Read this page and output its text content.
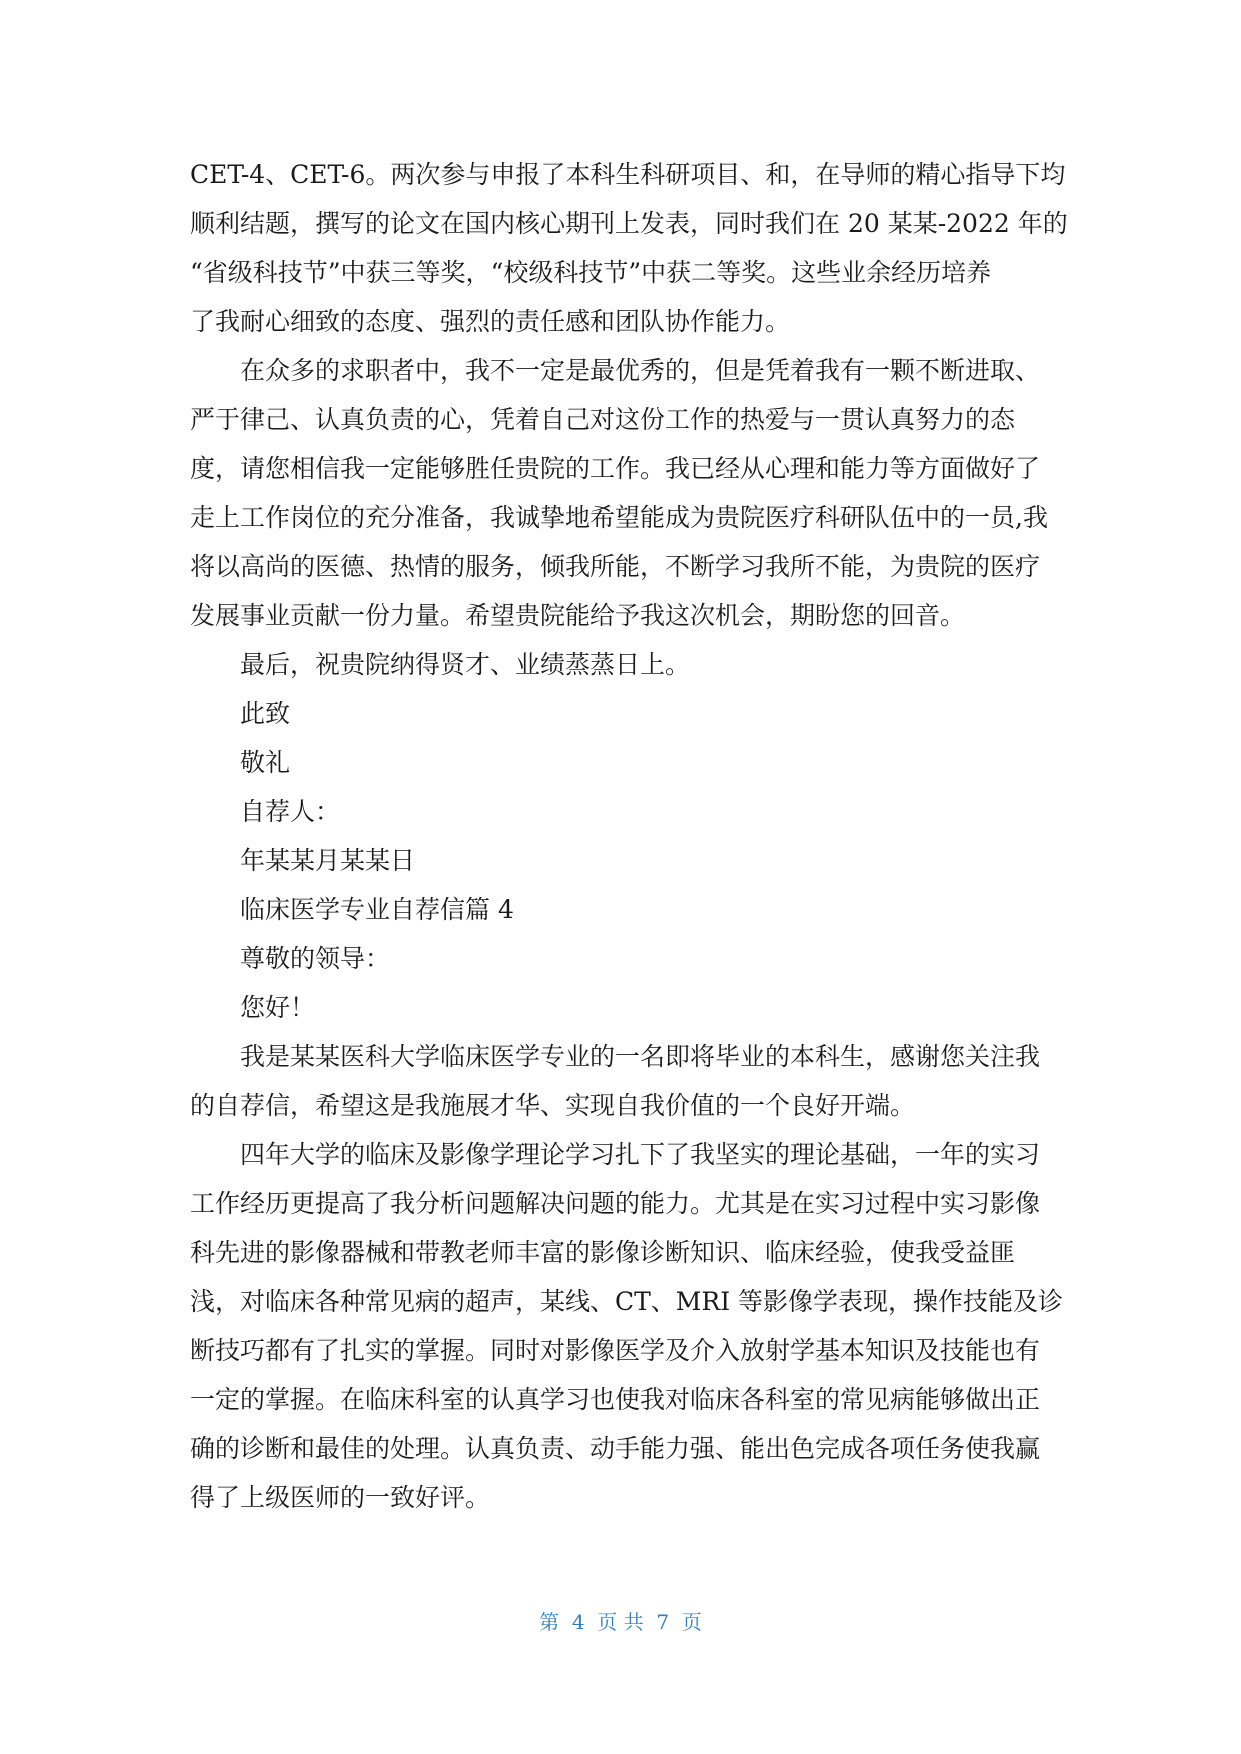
CET-4、CET-6。两次参与申报了本科生科研项目、和，在导师的精心指导下均
顺利结题，撰写的论文在国内核心期刊上发表，同时我们在 20 某某-2022 年的
“省级科技节”中获三等奖，“校级科技节”中获二等奖。这些业余经历培养
了我耐心细致的态度、强烈的责任感和团队协作能力。
在众多的求职者中，我不一定是最优秀的，但是凭着我有一颗不断进取、
严于律己、认真负责的心，凭着自己对这份工作的热爱与一贯认真努力的态
度，请您相信我一定能够胜任贵院的工作。我已经从心理和能力等方面做好了
走上工作岗位的充分准备，我诚挚地希望能成为贵院医疗科研队伍中的一员,我
将以高尚的医德、热情的服务，倾我所能，不断学习我所不能，为贵院的医疗
发展事业贡献一份力量。希望贵院能给予我这次机会，期盼您的回音。
最后，祝贵院纳得贤才、业绩蒸蒸日上。
此致
敬礼
自荐人：
年某某月某某日
临床医学专业自荐信篇 4
尊敬的领导：
您好！
我是某某医科大学临床医学专业的一名即将毕业的本科生，感谢您关注我
的自荐信，希望这是我施展才华、实现自我价值的一个良好开端。
四年大学的临床及影像学理论学习扎下了我坚实的理论基础，一年的实习
工作经历更提高了我分析问题解决问题的能力。尤其是在实习过程中实习影像
科先进的影像器械和带教老师丰富的影像诊断知识、临床经验，使我受益匪
浅，对临床各种常见病的超声，某线、CT、MRI 等影像学表现，操作技能及诊
断技巧都有了扎实的掌握。同时对影像医学及介入放射学基本知识及技能也有
一定的掌握。在临床科室的认真学习也使我对临床各科室的常见病能够做出正
确的诊断和最佳的处理。认真负责、动手能力强、能出色完成各项任务使我赢
得了上级医师的一致好评。
第  4  页 共  7  页
